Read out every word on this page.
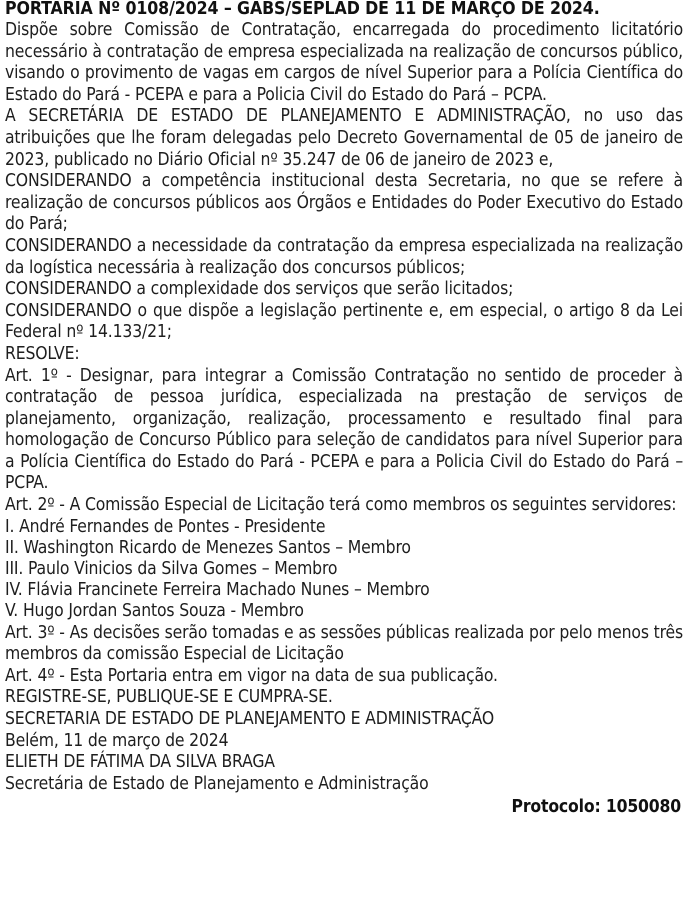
PORTARIA Nº 0108/2024 – GABS/SEPLAD DE 11 DE MARÇO DE 2024.

Dispõe sobre Comissão de Contratação, encarregada do procedimento licitatório necessário à contratação de empresa especializada na realização de concursos público, visando o provimento de vagas em cargos de nível Superior para a Polícia Científica do Estado do Pará - PCEPA e para a Policia Civil do Estado do Pará – PCPA.

A SECRETÁRIA DE ESTADO DE PLANEJAMENTO E ADMINISTRAÇÃO, no uso das atribuições que lhe foram delegadas pelo Decreto Governamental de 05 de janeiro de 2023, publicado no Diário Oficial nº 35.247 de 06 de janeiro de 2023 e,

CONSIDERANDO a competência institucional desta Secretaria, no que se refere à realização de concursos públicos aos Órgãos e Entidades do Poder Executivo do Estado do Pará;

CONSIDERANDO a necessidade da contratação da empresa especializada na realização da logística necessária à realização dos concursos públicos;

CONSIDERANDO a complexidade dos serviços que serão licitados;

CONSIDERANDO o que dispõe a legislação pertinente e, em especial, o artigo 8 da Lei Federal nº 14.133/21;

RESOLVE:

Art. 1º - Designar, para integrar a Comissão Contratação no sentido de proceder à contratação de pessoa jurídica, especializada na prestação de serviços de planejamento, organização, realização, processamento e resultado final para homologação de Concurso Público para seleção de candidatos para nível Superior para a Polícia Científica do Estado do Pará - PCEPA e para a Policia Civil do Estado do Pará – PCPA.

Art. 2º - A Comissão Especial de Licitação terá como membros os seguintes servidores:

I. André Fernandes de Pontes - Presidente

II. Washington Ricardo de Menezes Santos – Membro

III. Paulo Vinicios da Silva Gomes – Membro

IV. Flávia Francinete Ferreira Machado Nunes – Membro

V. Hugo Jordan Santos Souza - Membro

Art. 3º - As decisões serão tomadas e as sessões públicas realizada por pelo menos três membros da comissão Especial de Licitação

Art. 4º - Esta Portaria entra em vigor na data de sua publicação.

REGISTRE-SE, PUBLIQUE-SE E CUMPRA-SE.

SECRETARIA DE ESTADO DE PLANEJAMENTO E ADMINISTRAÇÃO

Belém, 11 de março de 2024

ELIETH DE FÁTIMA DA SILVA BRAGA

Secretária de Estado de Planejamento e Administração

Protocolo: 1050080
